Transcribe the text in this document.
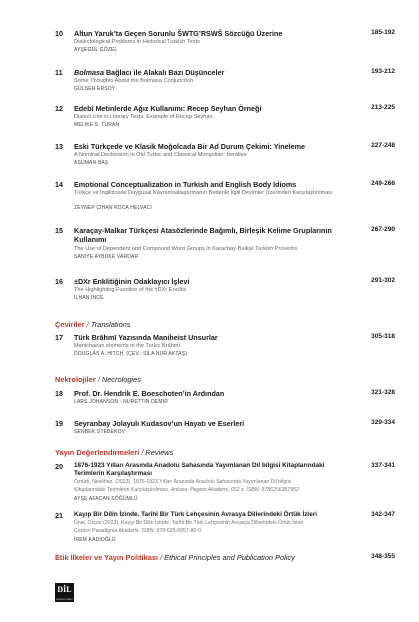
10	Altun Yaruk’ta Geçen Sorunlu ŠWTG’RSWŠ Sözcüğü Üzerine
Dialectological Problems in Historical Turkish Texts
AYŞEGÜL GÖZEL
185-192
11	Bolmasa Bağlacı ile Alakalı Bazı Düşünceler
Some Thoughts About the Bolmasa Conjunction
GÜLSER ERSOY
193-212
12	Edebî Metinlerde Ağız Kullanımı: Recep Seyhan Örneği
Dialect Use in Literary Texts: Example of Recep Seyhan
MELIKE S. TURAN
213-225
13	Eski Türkçede ve Klasik Moğolcada Bir Ad Durum Çekimi: Yineleme
A Nominal Declension in Old Turkic and Classical Mongolian: Iterative
ASUMAN BAŞ
227-248
14	Emotional Conceptualization in Turkish and English Body Idioms
Türkçe ve İngilizcede Duygusal Kavramsallaştırmanın Bedenle İlgili Deyimler Üzerinden Karşılaştırılması
ZEYNEP CIHAN KOCA HELVACI
249-266
15	Karaçay-Malkar Türkçesi Atasözlerinde Bağımlı, Birleşik Kelime Gruplarının Kullanımı
The Use of Dependent and Compound Word Groups in Karachay-Balkar Turkish Proverbs
SANIYE AYBÜKE VARDAR
267-290
16	±DXr Enklitiğinin Odaklayıcı İşlevi
The Highlighting Function of the ±DXr Enclitic
İLHAN İNCE
291-302
Çeviriler / Translations
17	Türk Brāhmī Yazısında Maniheist Unsurlar
Manichaean elements in the Turkic Brāhmī
DOUGLAS A. HITCH, (ÇEV.: SILA NUR AKTAŞ)
305-318
Nekrolojiler / Necrologies
18	Prof. Dr. Hendrik E. Boeschoten’in Ardından
LARS JOHANSON - NURETTIN DEMIR
321-328
19	Seyranbay Jolayulı Kudasov’un Hayatı ve Eserleri
SENBEK UTEBEKOV
329-334
Yayın Değerlendirmeleri / Reviews
20	1876-1923 Yılları Arasında Anadolu Sahasında Yayımlanan Dil bilgisi Kitaplarındaki Terimlerin Karşılaştırması
Öztürk, Neslihan. (2023). 1876-1923 Yılları Arasında Anadolu Sahasında Yayımlanan Dil bilgisi
Kitaplarındaki Terimlerin Karşılaştırılması. Ankara: Pegem Akademi, 652 s. ISBN: 9786256357952
AYŞE AFACAN SÖĞÜMLÜ
337-341
21	Kayıp Bir Dilin İzinde. Tarihî Bir Türk Lehçesinin Avrasya Dillerindeki Örtük İzleri
Ünal, Orçun (2023). Kayıp Bir Dilin İzinde. Tarihî Bir Türk Lehçesinin Avrasya Dillerindeki Örtük İzleri.
Çankırı Paradigma Akademi. ISBN: 978-625-6957-80-0.
İREM KADIOĞLU
342-347
Etik İlkeler ve Yayın Politikası / Ethical Principles and Publication Policy	348-355
DİL
araştırmaları
